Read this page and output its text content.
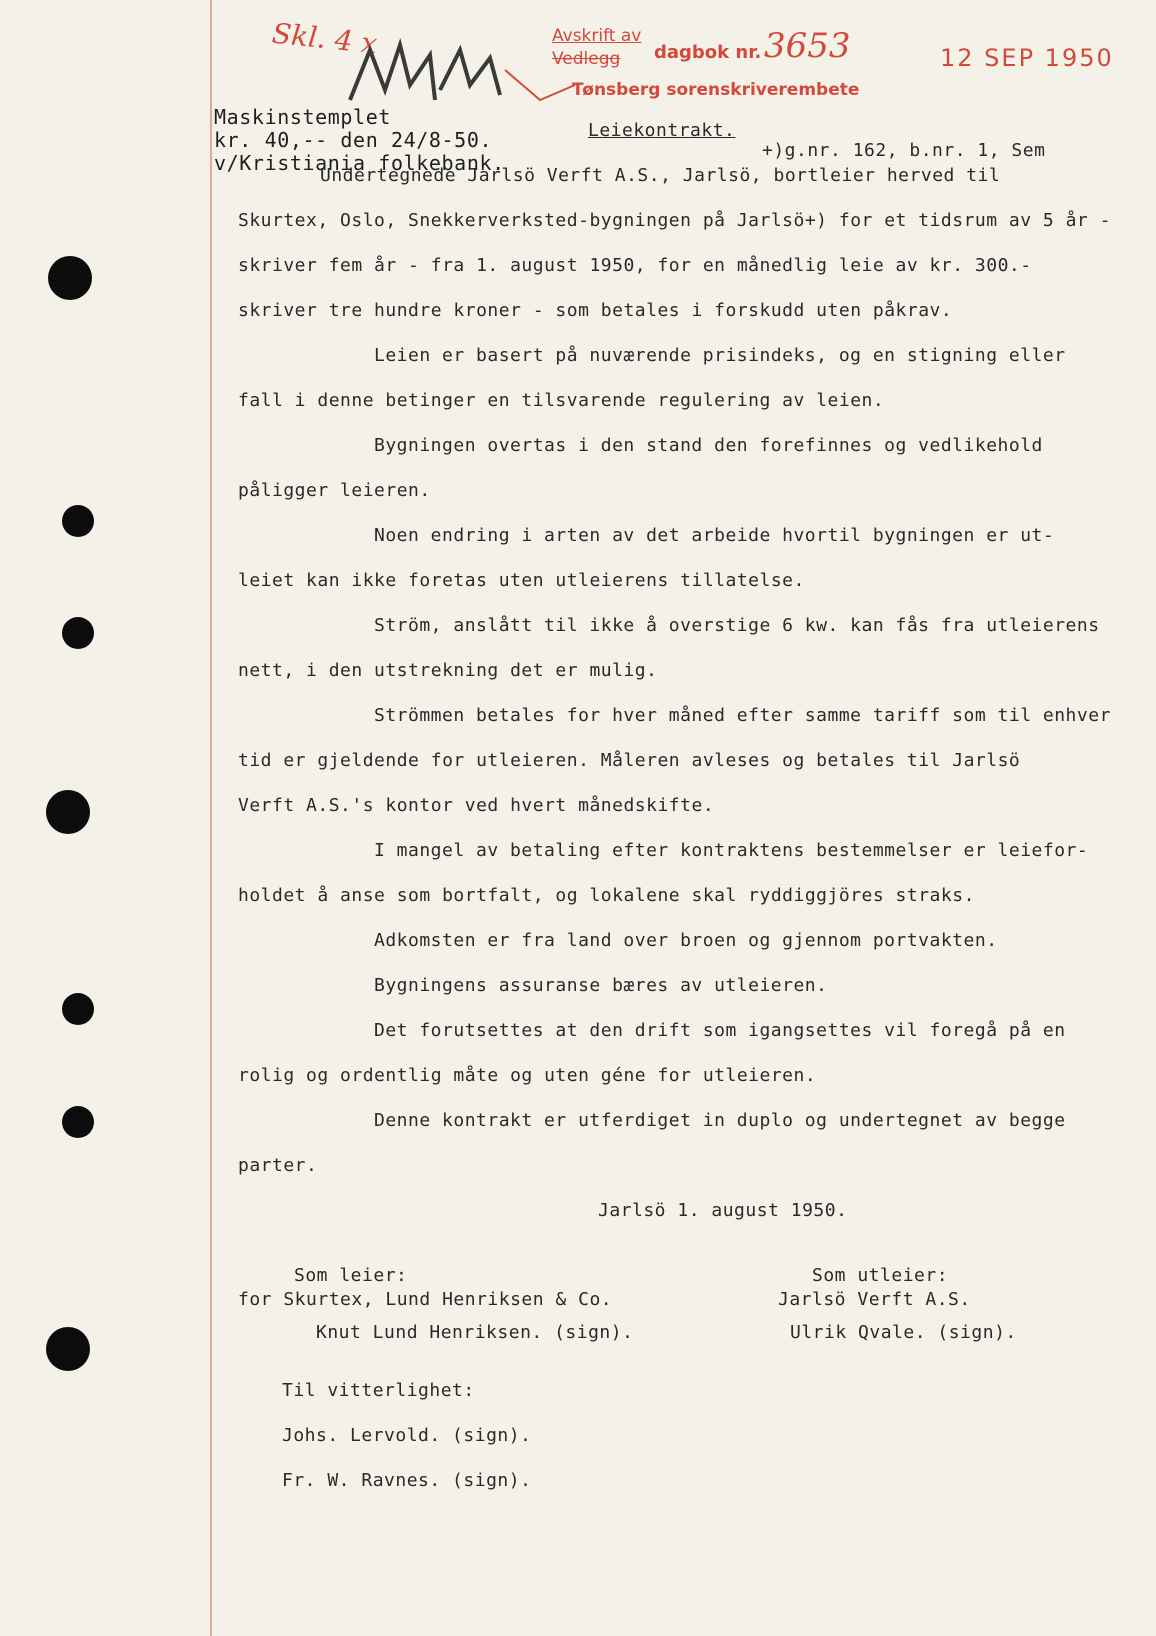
Skl. 4 x	Avskrift av
Vedlegg dagbok nr. 3653
Tønsberg sorenskriverembete
12 SEP 1950
Maskinstemplet
kr. 40,-- den 24/8-50.
v/Kristiania folkebank.
Leiekontrakt.
+)g.nr. 162, b.nr. 1, Sem
Undertegnede Jarlsö Verft A.S., Jarlsö, bortleier herved til
Skurtex, Oslo, Snekkerverksted-bygningen på Jarlsö+) for et tidsrum av 5 år -
skriver fem år - fra 1. august 1950, for en månedlig leie av kr. 300.-
skriver tre hundre kroner - som betales i forskudd uten påkrav.
Leien er basert på nuværende prisindeks, og en stigning eller
fall i denne betinger en tilsvarende regulering av leien.
Bygningen overtas i den stand den forefinnes og vedlikehold
påligger leieren.
Noen endring i arten av det arbeide hvortil bygningen er ut-
leiet kan ikke foretas uten utleierens tillatelse.
Ström, anslått til ikke å overstige 6 kw. kan fås fra utleierens
nett, i den utstrekning det er mulig.
Strömmen betales for hver måned efter samme tariff som til enhver
tid er gjeldende for utleieren. Måleren avleses og betales til Jarlsö
Verft A.S.'s kontor ved hvert månedskifte.
I mangel av betaling efter kontraktens bestemmelser er leiefor-
holdet å anse som bortfalt, og lokalene skal ryddiggjöres straks.
Adkomsten er fra land over broen og gjennom portvakten.
Bygningens assuranse bæres av utleieren.
Det forutsettes at den drift som igangsettes vil foregå på en
rolig og ordentlig måte og uten géne for utleieren.
Denne kontrakt er utferdiget in duplo og undertegnet av begge
parter.
Jarlsö 1. august 1950.
Som leier:
for Skurtex, Lund Henriksen & Co.
Knut Lund Henriksen. (sign).
Som utleier:
Jarlsö Verft A.S.
Ulrik Qvale. (sign).
Til vitterlighet:
Johs. Lervold. (sign).
Fr. W. Ravnes. (sign).
